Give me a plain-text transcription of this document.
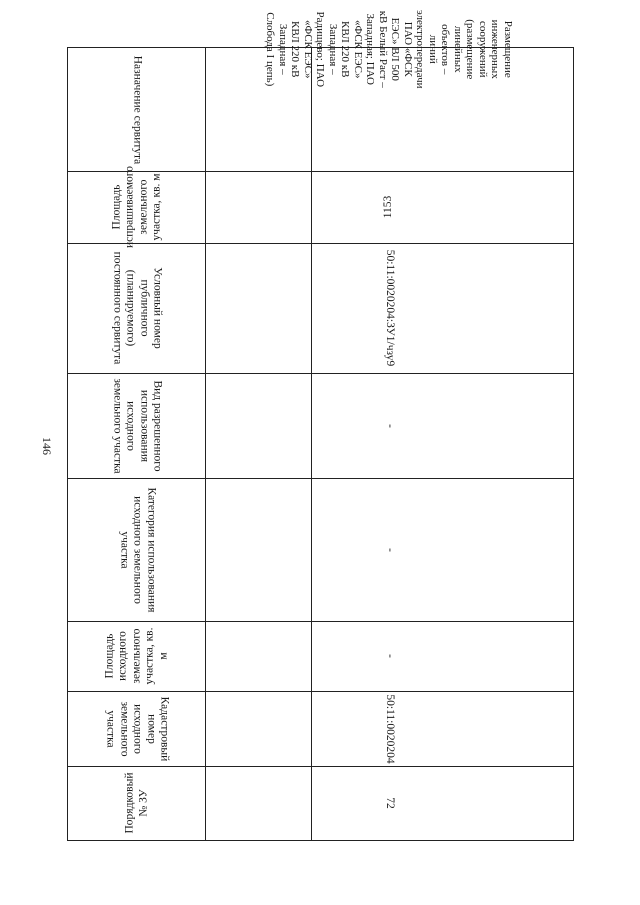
146
Назначение сервитута
Площадь испрашиваемого земельного участка, кв. м
Условный номер публичного (планируемого) постоянного сервитута
Вид разрешенного использования исходного земельного участка
Категория использования исходного земельного участка
Площадь исходного земельного участка, кв. м
Кадастровый номер исходного земельного участка
Порядковый № ЗУ
Размещение инженерных сооружений (размещение линейных объектов – линий электропередачи ПАО «ФСК ЕЭС» ВЛ 500 кВ Белый Раст – Западная; ПАО «ФСК ЕЭС» КВЛ 220 кВ Западная – Радищево; ПАО «ФСК ЕЭС» КВЛ 220 кВ Западная – Слобода I цепь)
1153
50:11:0020204:ЗУ1/чзу9
-
-
-
50:11:0020204
72
